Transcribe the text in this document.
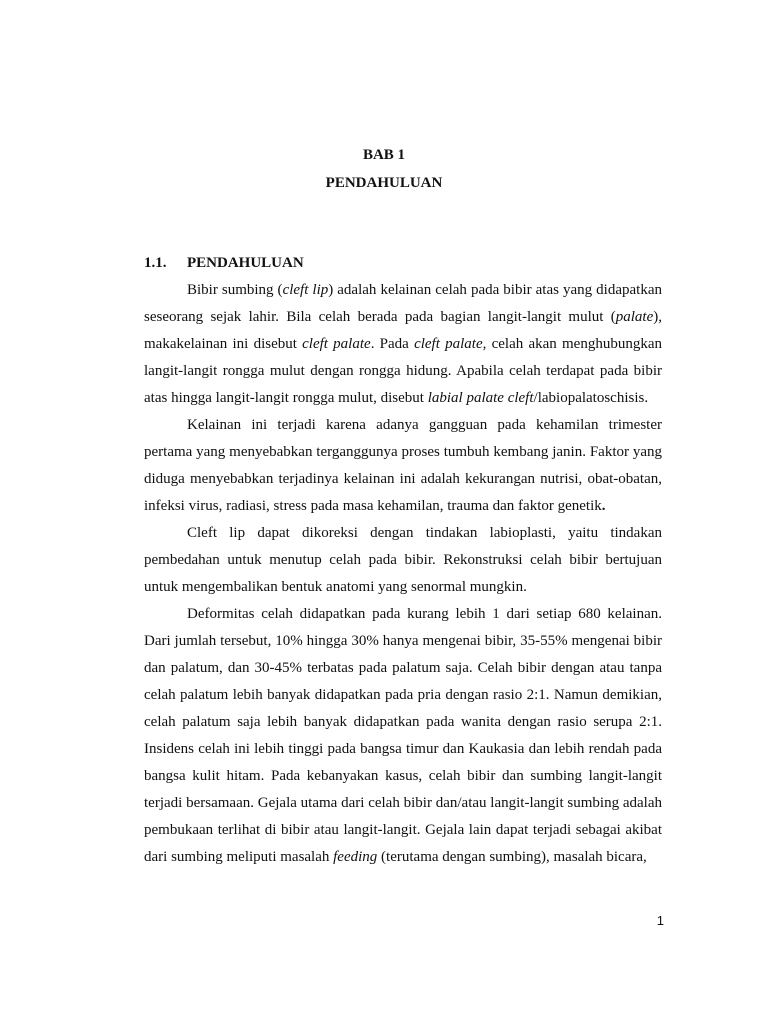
BAB 1
PENDAHULUAN
1.1. PENDAHULUAN

Bibir sumbing (cleft lip) adalah kelainan celah pada bibir atas yang didapatkan seseorang sejak lahir. Bila celah berada pada bagian langit-langit mulut (palate), makakelainan ini disebut cleft palate. Pada cleft palate, celah akan menghubungkan langit-langit rongga mulut dengan rongga hidung. Apabila celah terdapat pada bibir atas hingga langit-langit rongga mulut, disebut labial palate cleft/labiopalatoschisis.

Kelainan ini terjadi karena adanya gangguan pada kehamilan trimester pertama yang menyebabkan terganggunya proses tumbuh kembang janin. Faktor yang diduga menyebabkan terjadinya kelainan ini adalah kekurangan nutrisi, obat-obatan, infeksi virus, radiasi, stress pada masa kehamilan, trauma dan faktor genetik.

Cleft lip dapat dikoreksi dengan tindakan labioplasti, yaitu tindakan pembedahan untuk menutup celah pada bibir. Rekonstruksi celah bibir bertujuan untuk mengembalikan bentuk anatomi yang senormal mungkin.

Deformitas celah didapatkan pada kurang lebih 1 dari setiap 680 kelainan. Dari jumlah tersebut, 10% hingga 30% hanya mengenai bibir, 35-55% mengenai bibir dan palatum, dan 30-45% terbatas pada palatum saja. Celah bibir dengan atau tanpa celah palatum lebih banyak didapatkan pada pria dengan rasio 2:1. Namun demikian, celah palatum saja lebih banyak didapatkan pada wanita dengan rasio serupa 2:1. Insidens celah ini lebih tinggi pada bangsa timur dan Kaukasia dan lebih rendah pada bangsa kulit hitam. Pada kebanyakan kasus, celah bibir dan sumbing langit-langit terjadi bersamaan. Gejala utama dari celah bibir dan/atau langit-langit sumbing adalah pembukaan terlihat di bibir atau langit-langit. Gejala lain dapat terjadi sebagai akibat dari sumbing meliputi masalah feeding (terutama dengan sumbing), masalah bicara,

1
